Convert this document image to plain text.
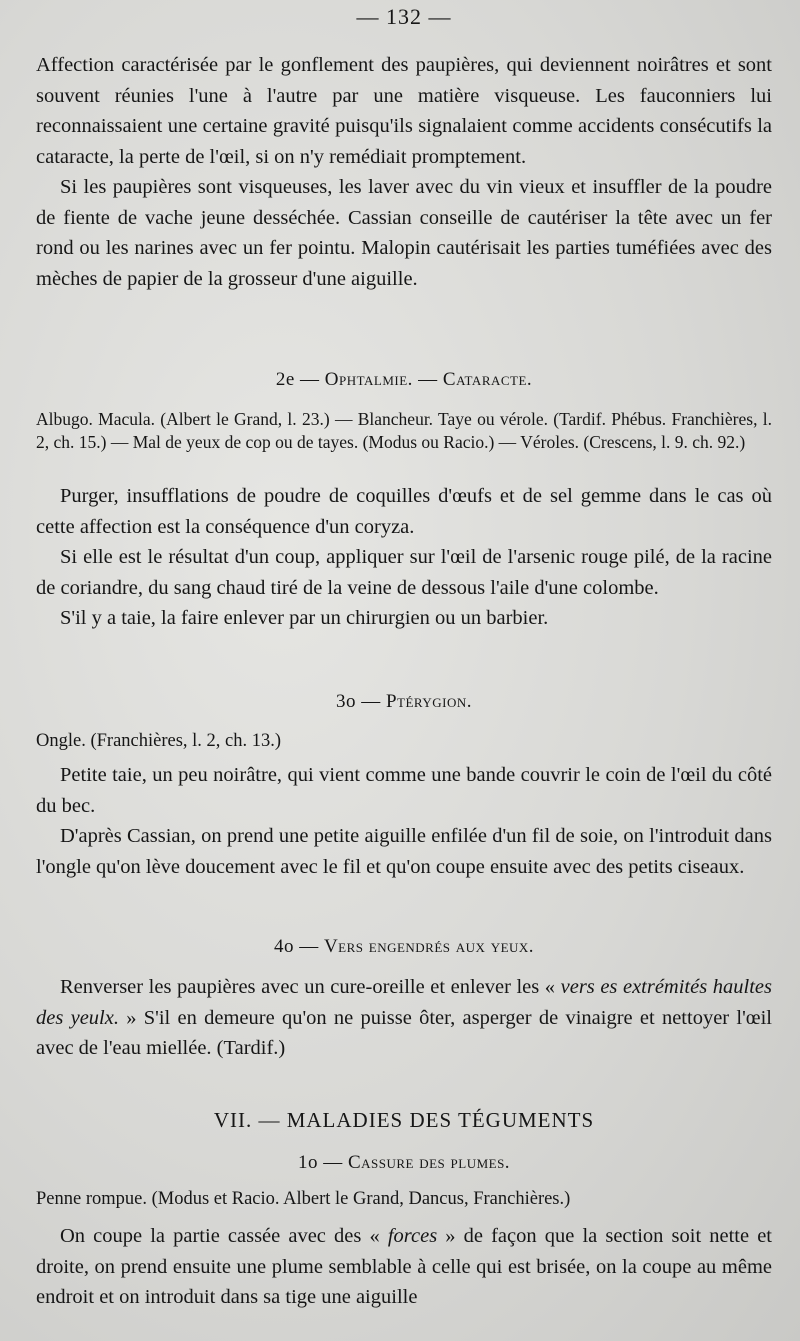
— 132 —

Affection caractérisée par le gonflement des paupières, qui deviennent noirâtres et sont souvent réunies l'une à l'autre par une matière visqueuse. Les fauconniers lui reconnaissaient une certaine gravité puisqu'ils signalaient comme accidents consécutifs la cataracte, la perte de l'œil, si on n'y remédiait promptement.

Si les paupières sont visqueuses, les laver avec du vin vieux et insuffler de la poudre de fiente de vache jeune desséchée. Cassian conseille de cautériser la tête avec un fer rond ou les narines avec un fer pointu. Malopin cautérisait les parties tuméfiées avec des mèches de papier de la grosseur d'une aiguille.

2e — Ophtalmie. — Cataracte.

Albugo. Macula. (Albert le Grand, l. 23.) — Blancheur. Taye ou vérole. (Tardif. Phébus. Franchières, l. 2, ch. 15.) — Mal de yeux de cop ou de tayes. (Modus ou Racio.) — Véroles. (Crescens, l. 9. ch. 92.)

Purger, insufflations de poudre de coquilles d'œufs et de sel gemme dans le cas où cette affection est la conséquence d'un coryza.

Si elle est le résultat d'un coup, appliquer sur l'œil de l'arsenic rouge pilé, de la racine de coriandre, du sang chaud tiré de la veine de dessous l'aile d'une colombe.

S'il y a taie, la faire enlever par un chirurgien ou un barbier.

3o — Ptérygion.

Ongle. (Franchières, l. 2, ch. 13.)

Petite taie, un peu noirâtre, qui vient comme une bande couvrir le coin de l'œil du côté du bec.

D'après Cassian, on prend une petite aiguille enfilée d'un fil de soie, on l'introduit dans l'ongle qu'on lève doucement avec le fil et qu'on coupe ensuite avec des petits ciseaux.

4o — Vers engendrés aux yeux.

Renverser les paupières avec un cure-oreille et enlever les « vers es extrémités haultes des yeulx. » S'il en demeure qu'on ne puisse ôter, asperger de vinaigre et nettoyer l'œil avec de l'eau miellée. (Tardif.)

VII. — MALADIES DES TÉGUMENTS
1o — Cassure des plumes.

Penne rompue. (Modus et Racio. Albert le Grand, Dancus, Franchières.)

On coupe la partie cassée avec des « forces » de façon que la section soit nette et droite, on prend ensuite une plume semblable à celle qui est brisée, on la coupe au même endroit et on introduit dans sa tige une aiguille
